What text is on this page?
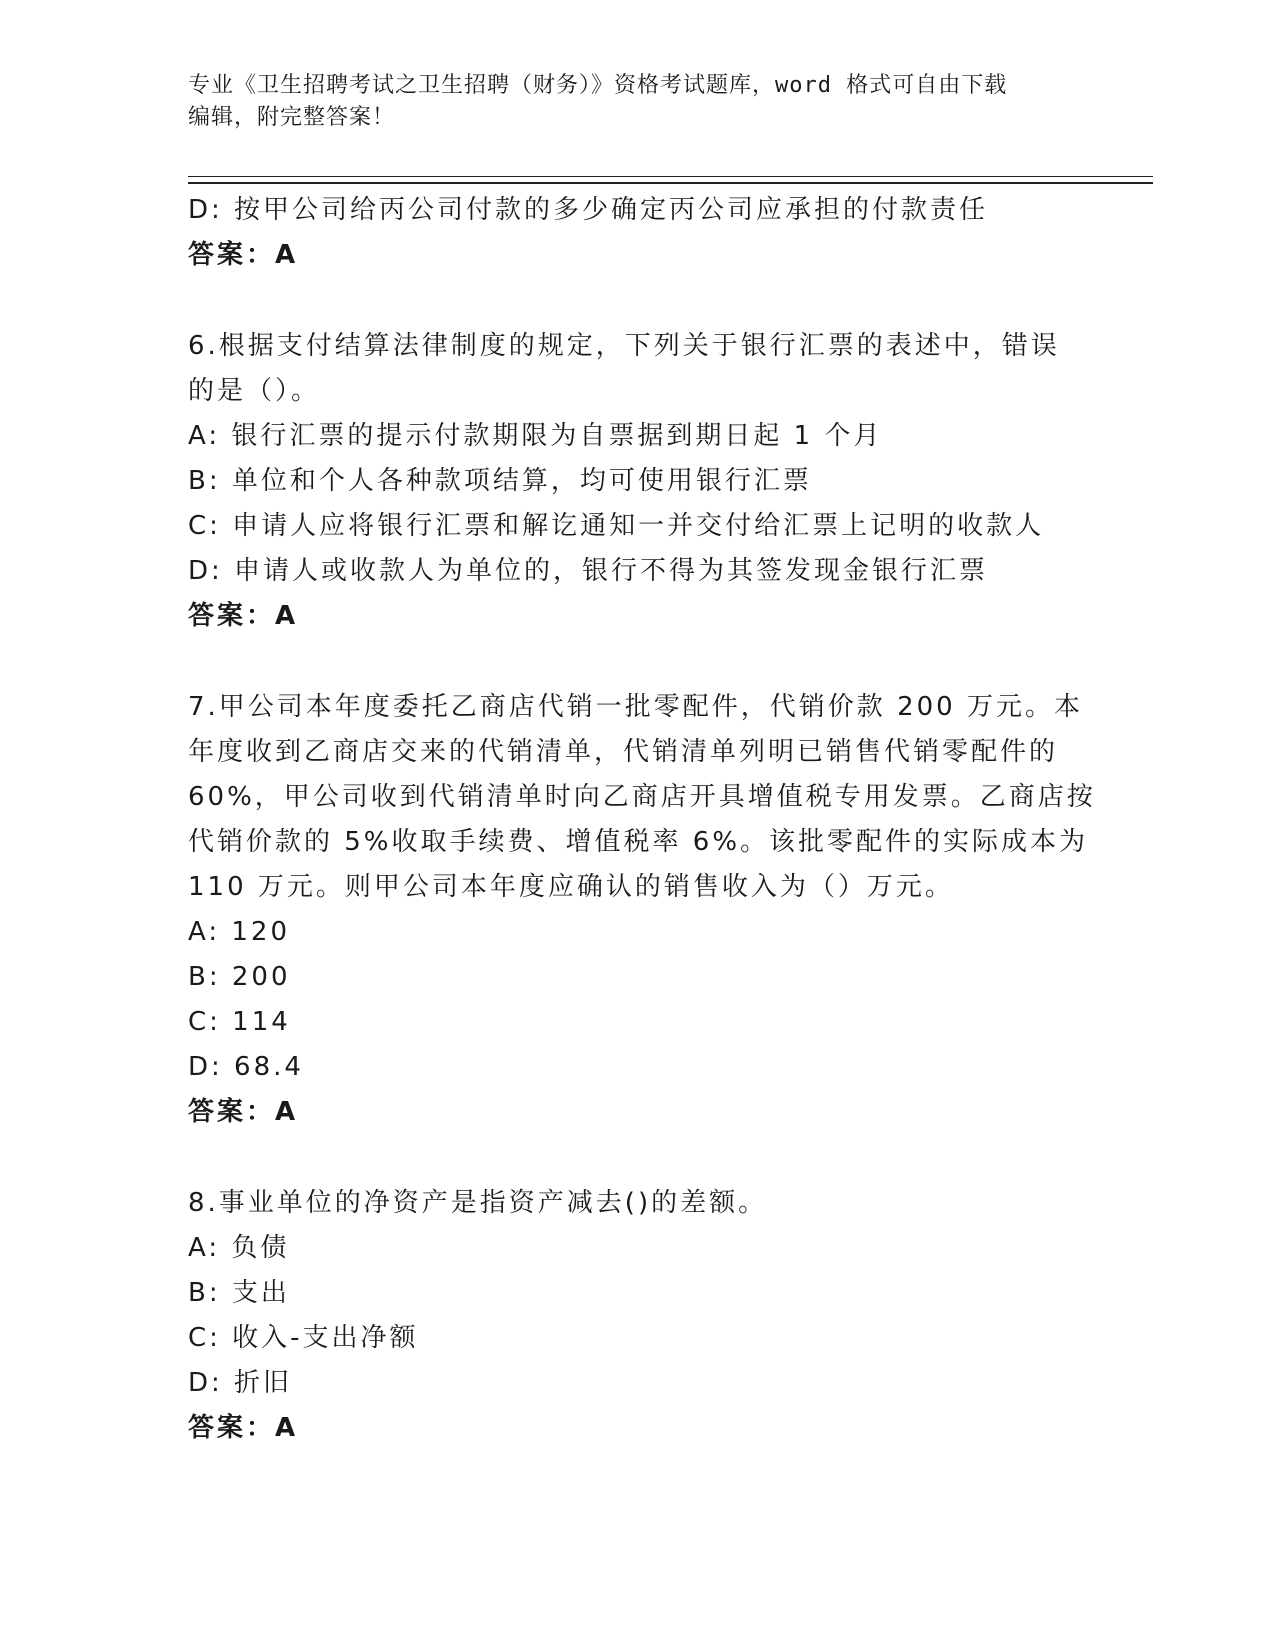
专业《卫生招聘考试之卫生招聘（财务）》资格考试题库，word 格式可自由下载
编辑，附完整答案！
D: 按甲公司给丙公司付款的多少确定丙公司应承担的付款责任
答案：A
6.根据支付结算法律制度的规定，下列关于银行汇票的表述中，错误
的是（）。
A: 银行汇票的提示付款期限为自票据到期日起 1 个月
B: 单位和个人各种款项结算，均可使用银行汇票
C: 申请人应将银行汇票和解讫通知一并交付给汇票上记明的收款人
D: 申请人或收款人为单位的，银行不得为其签发现金银行汇票
答案：A
7.甲公司本年度委托乙商店代销一批零配件，代销价款 200 万元。本
年度收到乙商店交来的代销清单，代销清单列明已销售代销零配件的
60%，甲公司收到代销清单时向乙商店开具增值税专用发票。乙商店按
代销价款的 5%收取手续费、增值税率 6%。该批零配件的实际成本为
110 万元。则甲公司本年度应确认的销售收入为（）万元。
A: 120
B: 200
C: 114
D: 68.4
答案：A
8.事业单位的净资产是指资产减去()的差额。
A: 负债
B: 支出
C: 收入-支出净额
D: 折旧
答案：A
